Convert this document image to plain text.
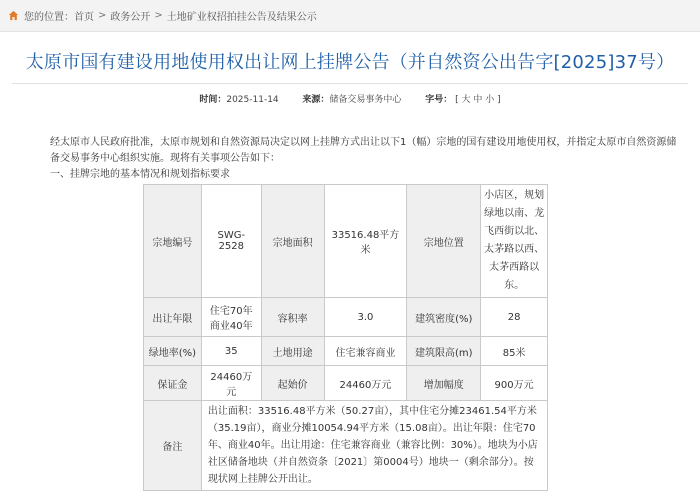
您的位置： 首页 > 政务公开 > 土地矿业权招拍挂公告及结果公示
太原市国有建设用地使用权出让网上挂牌公告（并自然资公出告字[2025]37号）
时间：2025-11-14	来源：储备交易事务中心	字号： [ 大 中 小 ]

经太原市人民政府批准，太原市规划和自然资源局决定以网上挂牌方式出让以下1（幅）宗地的国有建设用地使用权，并指定太原市自然资源储备交易事务中心组织实施。现将有关事项公告如下：

一、挂牌宗地的基本情况和规划指标要求

宗地编号	SWG-2528	宗地面积	33516.48平方米	宗地位置	小店区，规划绿地以南、龙飞西街以北、太茅路以西、太茅西路以东。
出让年限	住宅70年商业40年	容积率	3.0	建筑密度(%)	28
绿地率(%)	35	土地用途	住宅兼容商业	建筑限高(m)	85米
保证金	24460万元	起始价	24460万元	增加幅度	900万元
备注	出让面积：33516.48平方米（50.27亩），其中住宅分摊23461.54平方米（35.19亩），商业分摊10054.94平方米（15.08亩）。出让年限：住宅70年、商业40年。出让用途：住宅兼容商业（兼容比例：30%）。地块为小店社区储备地块（并自然资条〔2021〕第0004号）地块一（剩余部分）。按现状网上挂牌公开出让。				
